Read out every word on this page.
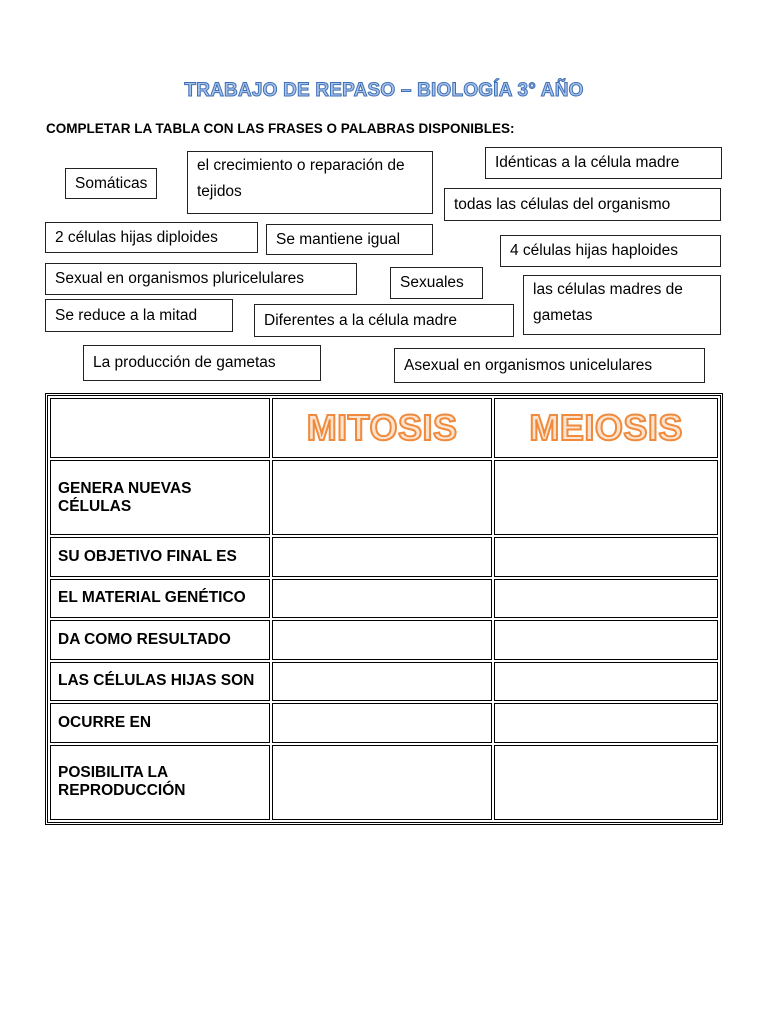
TRABAJO DE REPASO – BIOLOGÍA 3° AÑO
COMPLETAR LA TABLA CON LAS FRASES O PALABRAS DISPONIBLES:
Somáticas
el crecimiento o reparación de tejidos
Idénticas a la célula madre
todas las células del organismo
2 células hijas diploides	Se mantiene igual
4 células hijas haploides
Sexual en organismos pluricelulares	Sexuales	las células madres de gametas
Se reduce a la mitad	Diferentes a la célula madre
La producción de gametas	Asexual en organismos unicelulares
	MITOSIS	MEIOSIS
GENERA NUEVAS CÉLULAS		
SU OBJETIVO FINAL ES		
EL MATERIAL GENÉTICO		
DA COMO RESULTADO		
LAS CÉLULAS HIJAS SON		
OCURRE EN		
POSIBILITA LA REPRODUCCIÓN		
